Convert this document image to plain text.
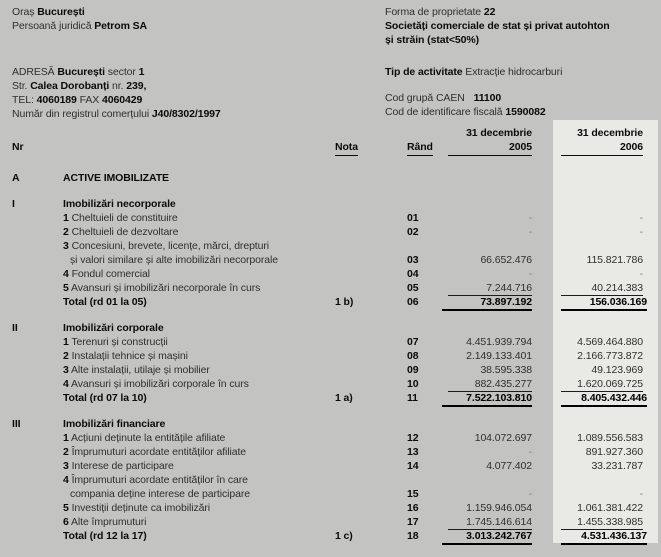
Oraș București
Persoană juridică Petrom SA
ADRESĂ București sector 1
Str. Calea Dorobanți nr. 239,
TEL: 4060189 FAX 4060429
Număr din registrul comerțului J40/8302/1997
Forma de proprietate 22
Societăți comerciale de stat și privat autohton
și străin (stat<50%)
Tip de activitate Extracție hidrocarburi
Cod grupă CAEN 11100
Cod de identificare fiscală 1590082
31 decembrie	31 decembrie
Nr	Nota	Rând	2005	2006
A	ACTIVE IMOBILIZATE
I	Imobilizări necorporale
1 Cheltuieli de constituire	01	-	-
2 Cheltuieli de dezvoltare	02	-	-
3 Concesiuni, brevete, licențe, mărci, drepturi
și valori similare și alte imobilizări necorporale	03	66.652.476	115.821.786
4 Fondul comercial	04	-	-
5 Avansuri și imobilizări necorporale în curs	05	7.244.716	40.214.383
Total (rd 01 la 05)	1 b)	06	73.897.192	156.036.169
II	Imobilizări corporale
1 Terenuri și construcții	07	4.451.939.794	4.569.464.880
2 Instalații tehnice și mașini	08	2.149.133.401	2.166.773.872
3 Alte instalații, utilaje și mobilier	09	38.595.338	49.123.969
4 Avansuri și imobilizări corporale în curs	10	882.435.277	1.620.069.725
Total (rd 07 la 10)	1 a)	11	7.522.103.810	8.405.432.446
III	Imobilizări financiare
1 Acțiuni deținute la entitățile afiliate	12	104.072.697	1.089.556.583
2 Împrumuturi acordate entităților afiliate	13	-	891.927.360
3 Interese de participare	14	4.077.402	33.231.787
4 Împrumuturi acordate entităților în care
compania deține interese de participare	15	-	-
5 Investiții deținute ca imobilizări	16	1.159.946.054	1.061.381.422
6 Alte împrumuturi	17	1.745.146.614	1.455.338.985
Total (rd 12 la 17)	1 c)	18	3.013.242.767	4.531.436.137
